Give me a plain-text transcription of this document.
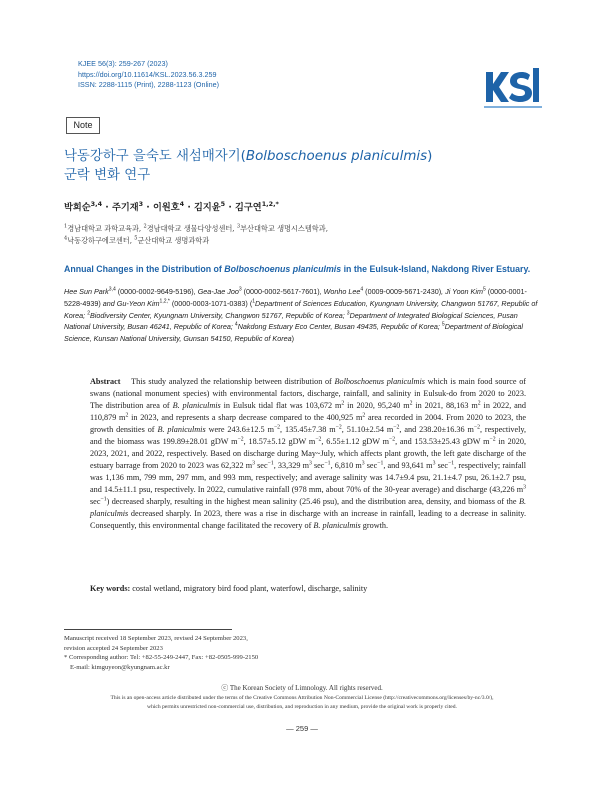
KJEE 56(3): 259-267 (2023)
https://doi.org/10.11614/KSL.2023.56.3.259
ISSN: 2288-1115 (Print), 2288-1123 (Online)
Note
낙동강하구 을숙도 새섬매자기(Bolboschoenus planiculmis)
군락 변화 연구
박희순$^{3,4}$ · 주기재$^3$ · 이원호$^4$ · 김지윤$^5$ · 김구연$^{1,2,*}$
$^1$경남대학교 과학교육과, $^2$경남대학교 생물다양성센터, $^3$부산대학교 생명시스템학과,
$^4$낙동강하구에코센터, $^5$군산대학교 생명과학과
Annual Changes in the Distribution of Bolboschoenus planiculmis in the Eulsuk-Island, Nakdong River Estuary.
Hee Sun Park$^{3,4}$ (0000-0002-9649-5196), Gea-Jae Joo$^3$ (0000-0002-5617-7601), Wonho Lee$^4$ (0009-0009-5671-2430), Ji Yoon Kim$^5$ (0000-0001-5228-4939) and Gu-Yeon Kim$^{1,2,*}$ (0000-0003-1071-0383) ($^1$Department of Sciences Education, Kyungnam University, Changwon 51767, Republic of Korea; $^2$Biodiversity Center, Kyungnam University, Changwon 51767, Republic of Korea; $^3$Department of Integrated Biological Sciences, Pusan National University, Busan 46241, Republic of Korea; $^4$Nakdong Estuary Eco Center, Busan 49435, Republic of Korea; $^5$Department of Biological Science, Kunsan National University, Gunsan 54150, Republic of Korea)
Abstract This study analyzed the relationship between distribution of Bolboschoenus planiculmis which is main food source of swans (national monument species) with environmental factors, discharge, rainfall, and salinity in Eulsuk-do from 2020 to 2023. The distribution area of B. planiculmis in Eulsuk tidal flat was 103,672 $m^2$ in 2020, 95,240 $m^2$ in 2021, 88,163 $m^2$ in 2022, and 110,879 $m^2$ in 2023, and represents a sharp decrease compared to the 400,925 $m^2$ area recorded in 2004. From 2020 to 2023, the growth densities of B. planiculmis were 243.6±12.5 $m^{-2}$, 135.45±7.38 $m^{-2}$, 51.10±2.54 $m^{-2}$, and 238.20±16.36 $m^{-2}$, respectively, and the biomass was 199.89±28.01 gDW $m^{-2}$, 18.57±5.12 gDW $m^{-2}$, 6.55±1.12 gDW $m^{-2}$, and 153.53±25.43 gDW $m^{-2}$ in 2020, 2023, 2021, and 2022, respectively. Based on discharge during May~July, which affects plant growth, the left gate discharge of the estuary barrage from 2020 to 2023 was 62,322 $m^3$ $\sec^{-1}$, 33,329 $m^3$ $\sec^{-1}$, 6,810 $m^3$ $\sec^{-1}$, and 93,641 $m^3$ $\sec^{-1}$, respectively; rainfall was 1,136 mm, 799 mm, 297 mm, and 993 mm, respectively; and average salinity was 14.7±9.4 psu, 21.1±4.7 psu, 26.1±2.7 psu, and 14.5±11.1 psu, respectively. In 2022, cumulative rainfall (978 mm, about 70% of the 30-year average) and discharge (43,226 $m^3$ $\sec^{-1}$) decreased sharply, resulting in the highest mean salinity (25.46 psu), and the distribution area, density, and biomass of the B. planiculmis decreased sharply. In 2023, there was a rise in discharge with an increase in rainfall, leading to a decrease in salinity. Consequently, this environmental change facilitated the recovery of B. planiculmis growth.
Key words: costal wetland, migratory bird food plant, waterfowl, discharge, salinity
Manuscript received 18 September 2023, revised 24 September 2023,
revision accepted 24 September 2023
* Corresponding author: Tel: +82-55-249-2447, Fax: +82-0505-999-2150
E-mail: kimguyeon@kyungnam.ac.kr
ⓒ The Korean Society of Limnology. All rights reserved.
This is an open-access article distributed under the terms of the Creative Commons Attribution Non-Commercial License (http://creativecommons.org/licenses/by-nc/3.0/),
which permits unrestricted non-commercial use, distribution, and reproduction in any medium, provide the original work is properly cited.
— 259 —
